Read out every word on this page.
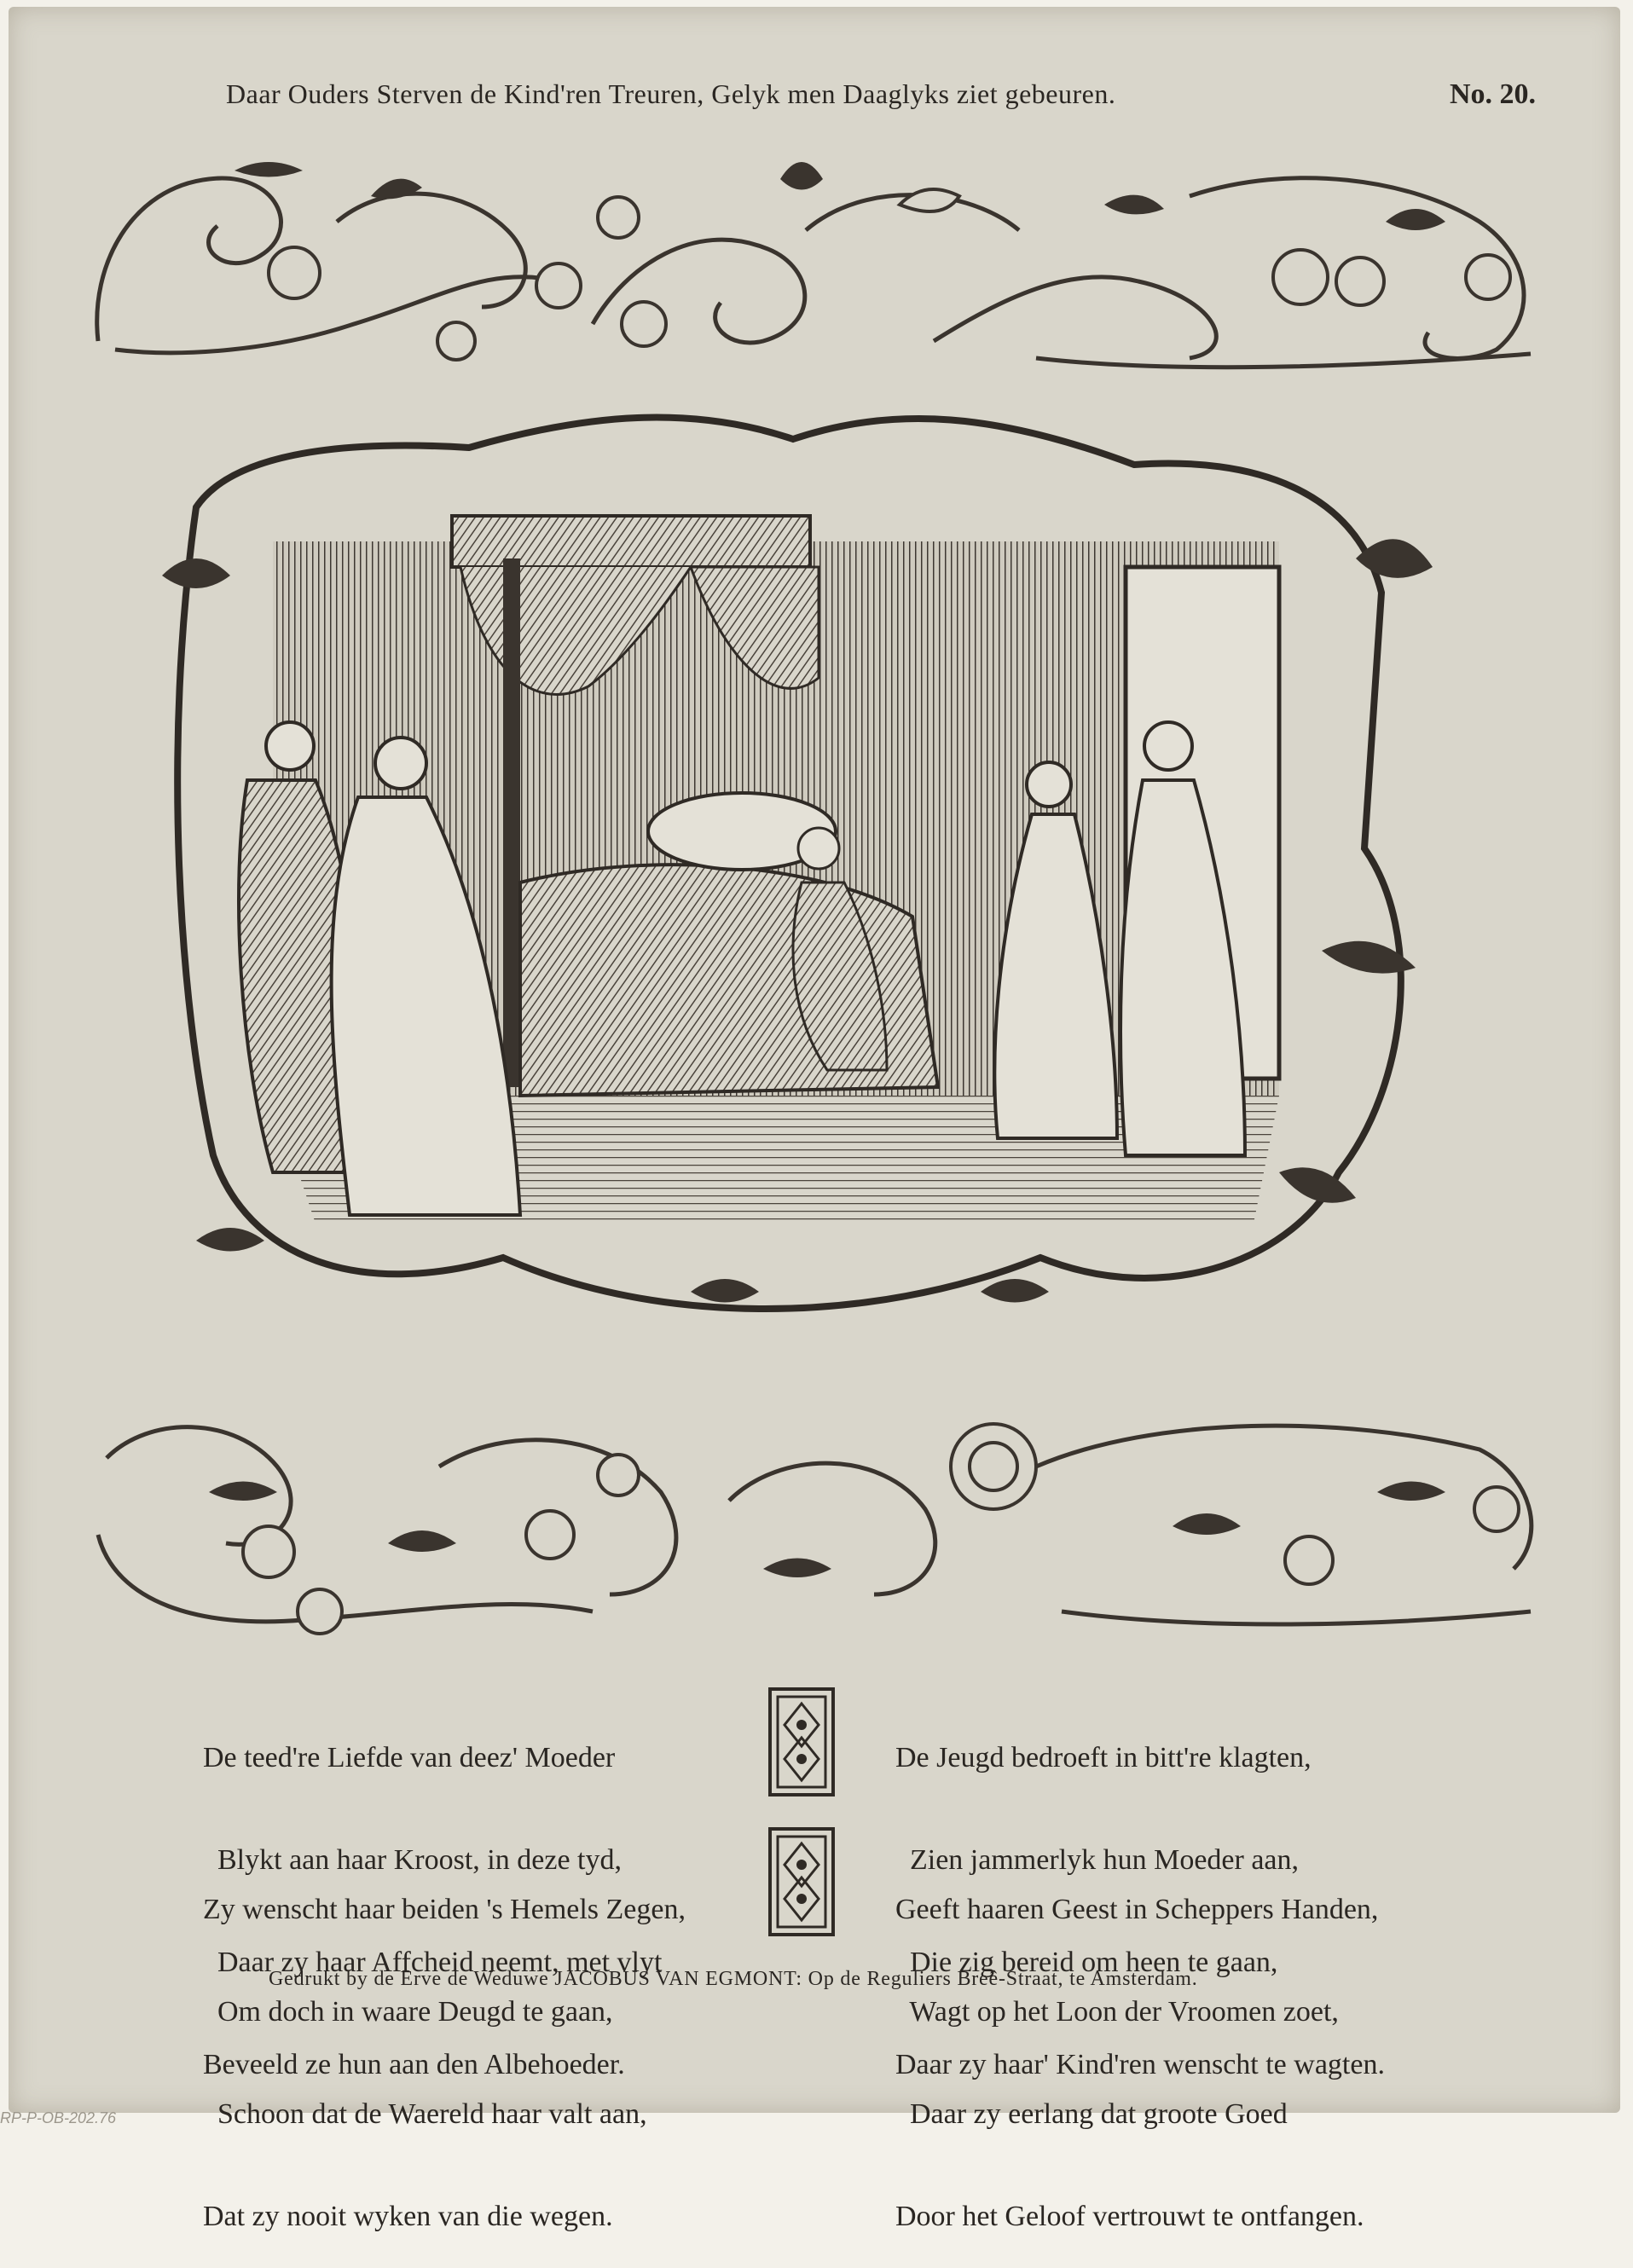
Daar Ouders Sterven de Kind'ren Treuren, Gelyk men Daaglyks ziet gebeuren.	No. 20.

De teed're Liefde van deez' Moeder

Blykt aan haar Kroost, in deze tyd,

Daar zy haar Affcheid neemt, met vlyt

Beveeld ze hun aan den Albehoeder.

De Jeugd bedroeft in bitt're klagten,

Zien jammerlyk hun Moeder aan,

Die zig bereid om heen te gaan,

Daar zy haar' Kind'ren wenscht te wagten.

Zy wenscht haar beiden 's Hemels Zegen,

Om doch in waare Deugd te gaan,

Schoon dat de Waereld haar valt aan,

Dat zy nooit wyken van die wegen.

Geeft haaren Geest in Scheppers Handen,

Wagt op het Loon der Vroomen zoet,

Daar zy eerlang dat groote Goed

Door het Geloof vertrouwt te ontfangen.

Gedrukt by de Erve de Weduwe JACOBUS VAN EGMONT: Op de Reguliers Breê-Straat, te Amsterdam.
RP-P-OB-202.76
